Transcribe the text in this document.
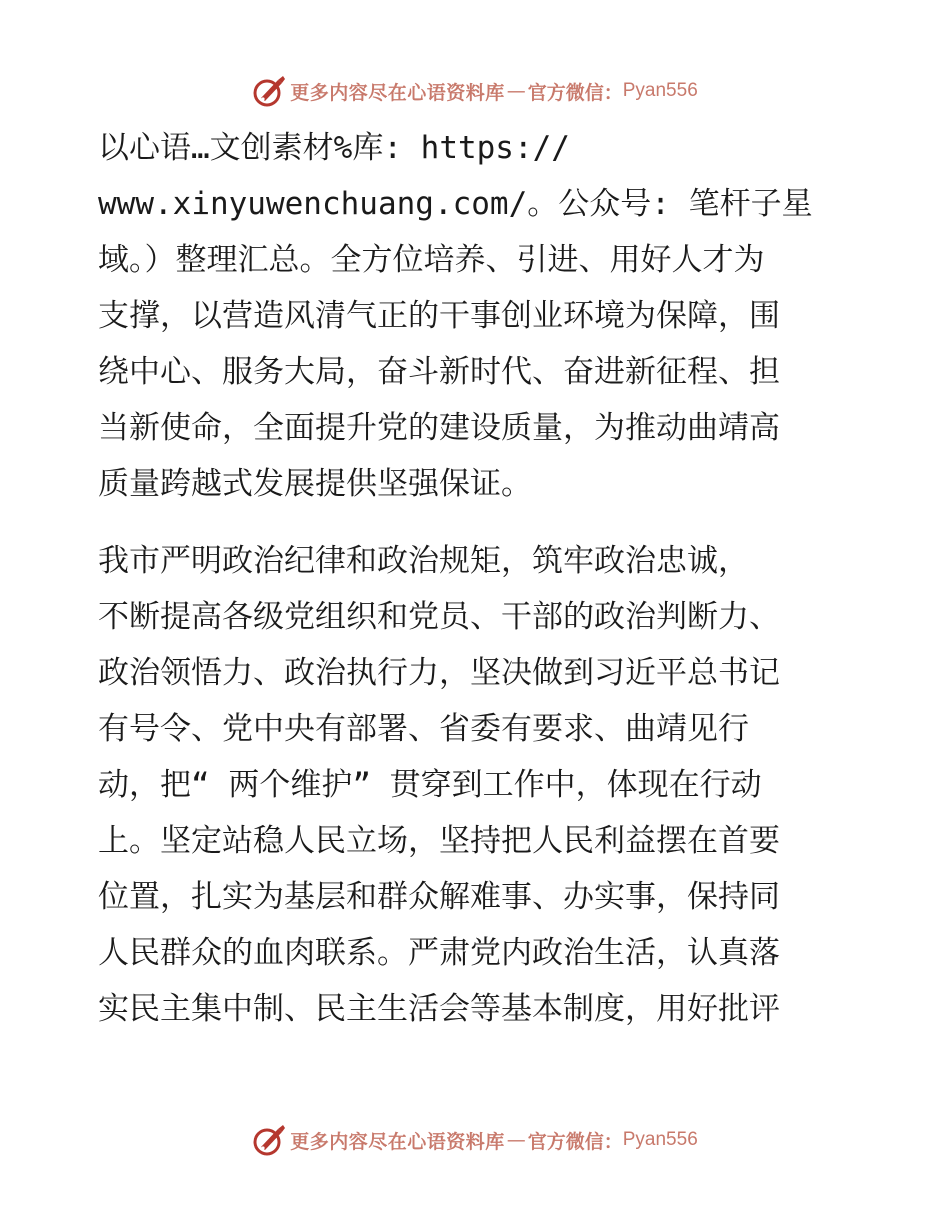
更多内容尽在心语资料库 — 官方微信： Pyan556
以心语…文创素材%库: https://
www.xinyuwenchuang.com/。公众号: 笔杆子星
域。）整理汇总。全方位培养、引进、用好人才为
支撑，以营造风清气正的干事创业环境为保障，围
绕中心、服务大局，奋斗新时代、奋进新征程、担
当新使命，全面提升党的建设质量，为推动曲靖高
质量跨越式发展提供坚强保证。
我市严明政治纪律和政治规矩，筑牢政治忠诚，
不断提高各级党组织和党员、干部的政治判断力、
政治领悟力、政治执行力，坚决做到习近平总书记
有号令、党中央有部署、省委有要求、曲靖见行
动，把“ 两个维护” 贯穿到工作中，体现在行动
上。坚定站稳人民立场，坚持把人民利益摆在首要
位置，扎实为基层和群众解难事、办实事，保持同
人民群众的血肉联系。严肃党内政治生活，认真落
实民主集中制、民主生活会等基本制度，用好批评
更多内容尽在心语资料库 — 官方微信： Pyan556
